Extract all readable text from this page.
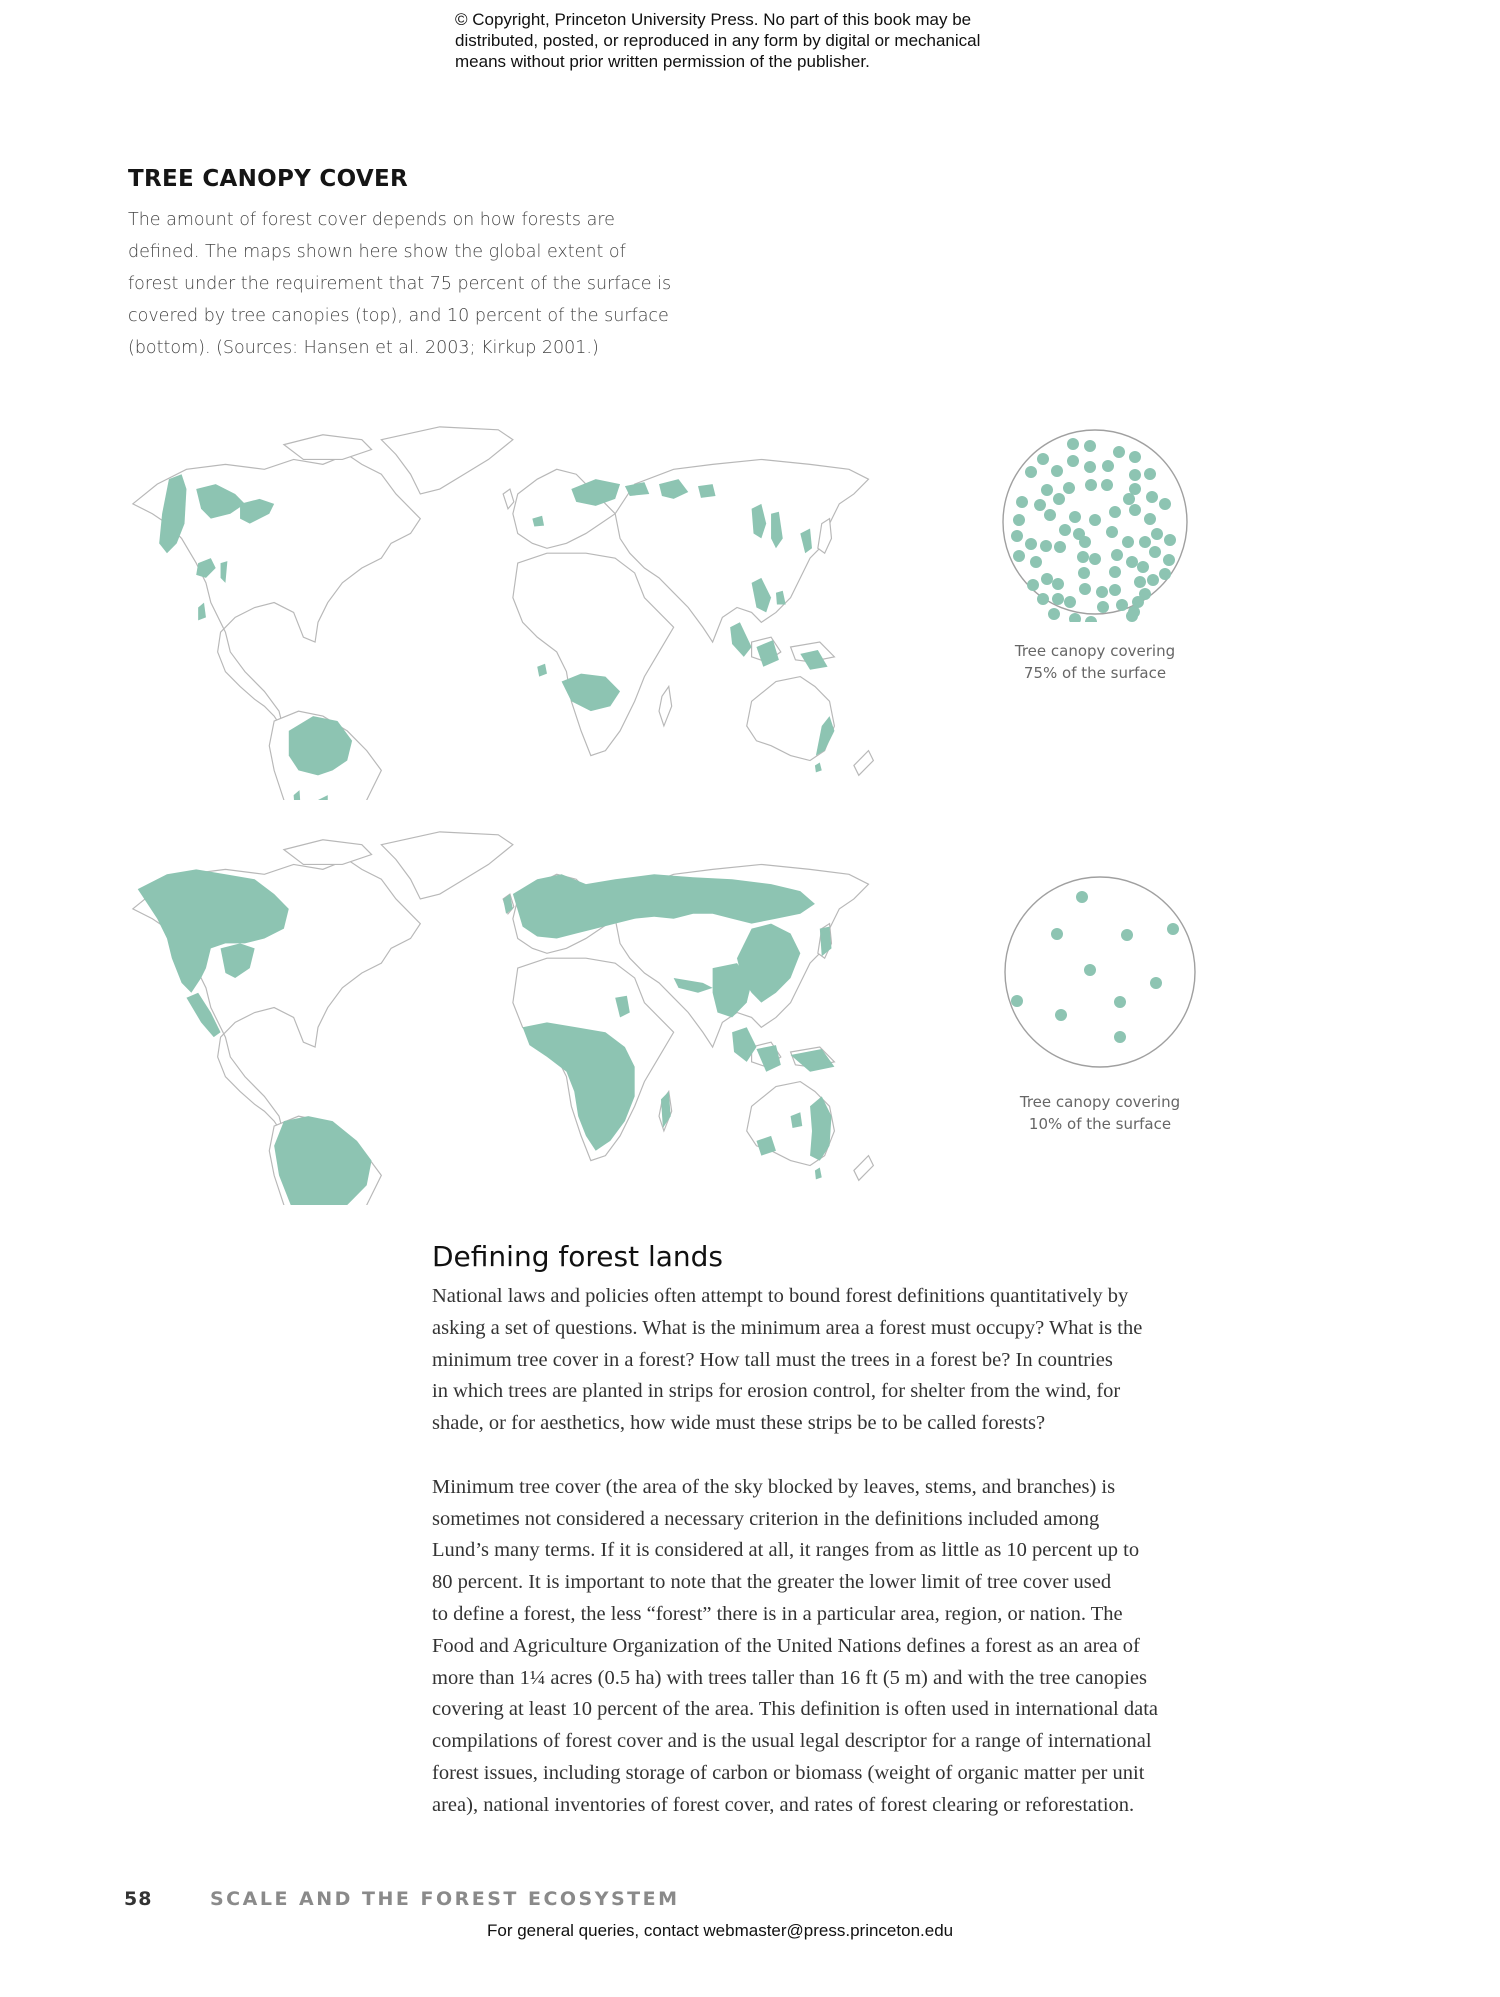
© Copyright, Princeton University Press. No part of this book may be
distributed, posted, or reproduced in any form by digital or mechanical
means without prior written permission of the publisher.
TREE CANOPY COVER

The amount of forest cover depends on how forests are

defined. The maps shown here show the global extent of

forest under the requirement that 75 percent of the surface is

covered by tree canopies (top), and 10 percent of the surface

(bottom). (Sources: Hansen et al. 2003; Kirkup 2001.)

Tree canopy covering
75% of the surface
Tree canopy covering
10% of the surface
Defining forest lands

National laws and policies often attempt to bound forest definitions quantitatively by
asking a set of questions. What is the minimum area a forest must occupy? What is the
minimum tree cover in a forest? How tall must the trees in a forest be? In countries
in which trees are planted in strips for erosion control, for shelter from the wind, for
shade, or for aesthetics, how wide must these strips be to be called forests?

Minimum tree cover (the area of the sky blocked by leaves, stems, and branches) is
sometimes not considered a necessary criterion in the definitions included among
Lund’s many terms. If it is considered at all, it ranges from as little as 10 percent up to
80 percent. It is important to note that the greater the lower limit of tree cover used
to define a forest, the less “forest” there is in a particular area, region, or nation. The
Food and Agriculture Organization of the United Nations defines a forest as an area of
more than 1¼ acres (0.5 ha) with trees taller than 16 ft (5 m) and with the tree canopies
covering at least 10 percent of the area. This definition is often used in international data
compilations of forest cover and is the usual legal descriptor for a range of international
forest issues, including storage of carbon or biomass (weight of organic matter per unit
area), national inventories of forest cover, and rates of forest clearing or reforestation.

58	SCALE AND THE FOREST ECOSYSTEM
For general queries, contact webmaster@press.princeton.edu
